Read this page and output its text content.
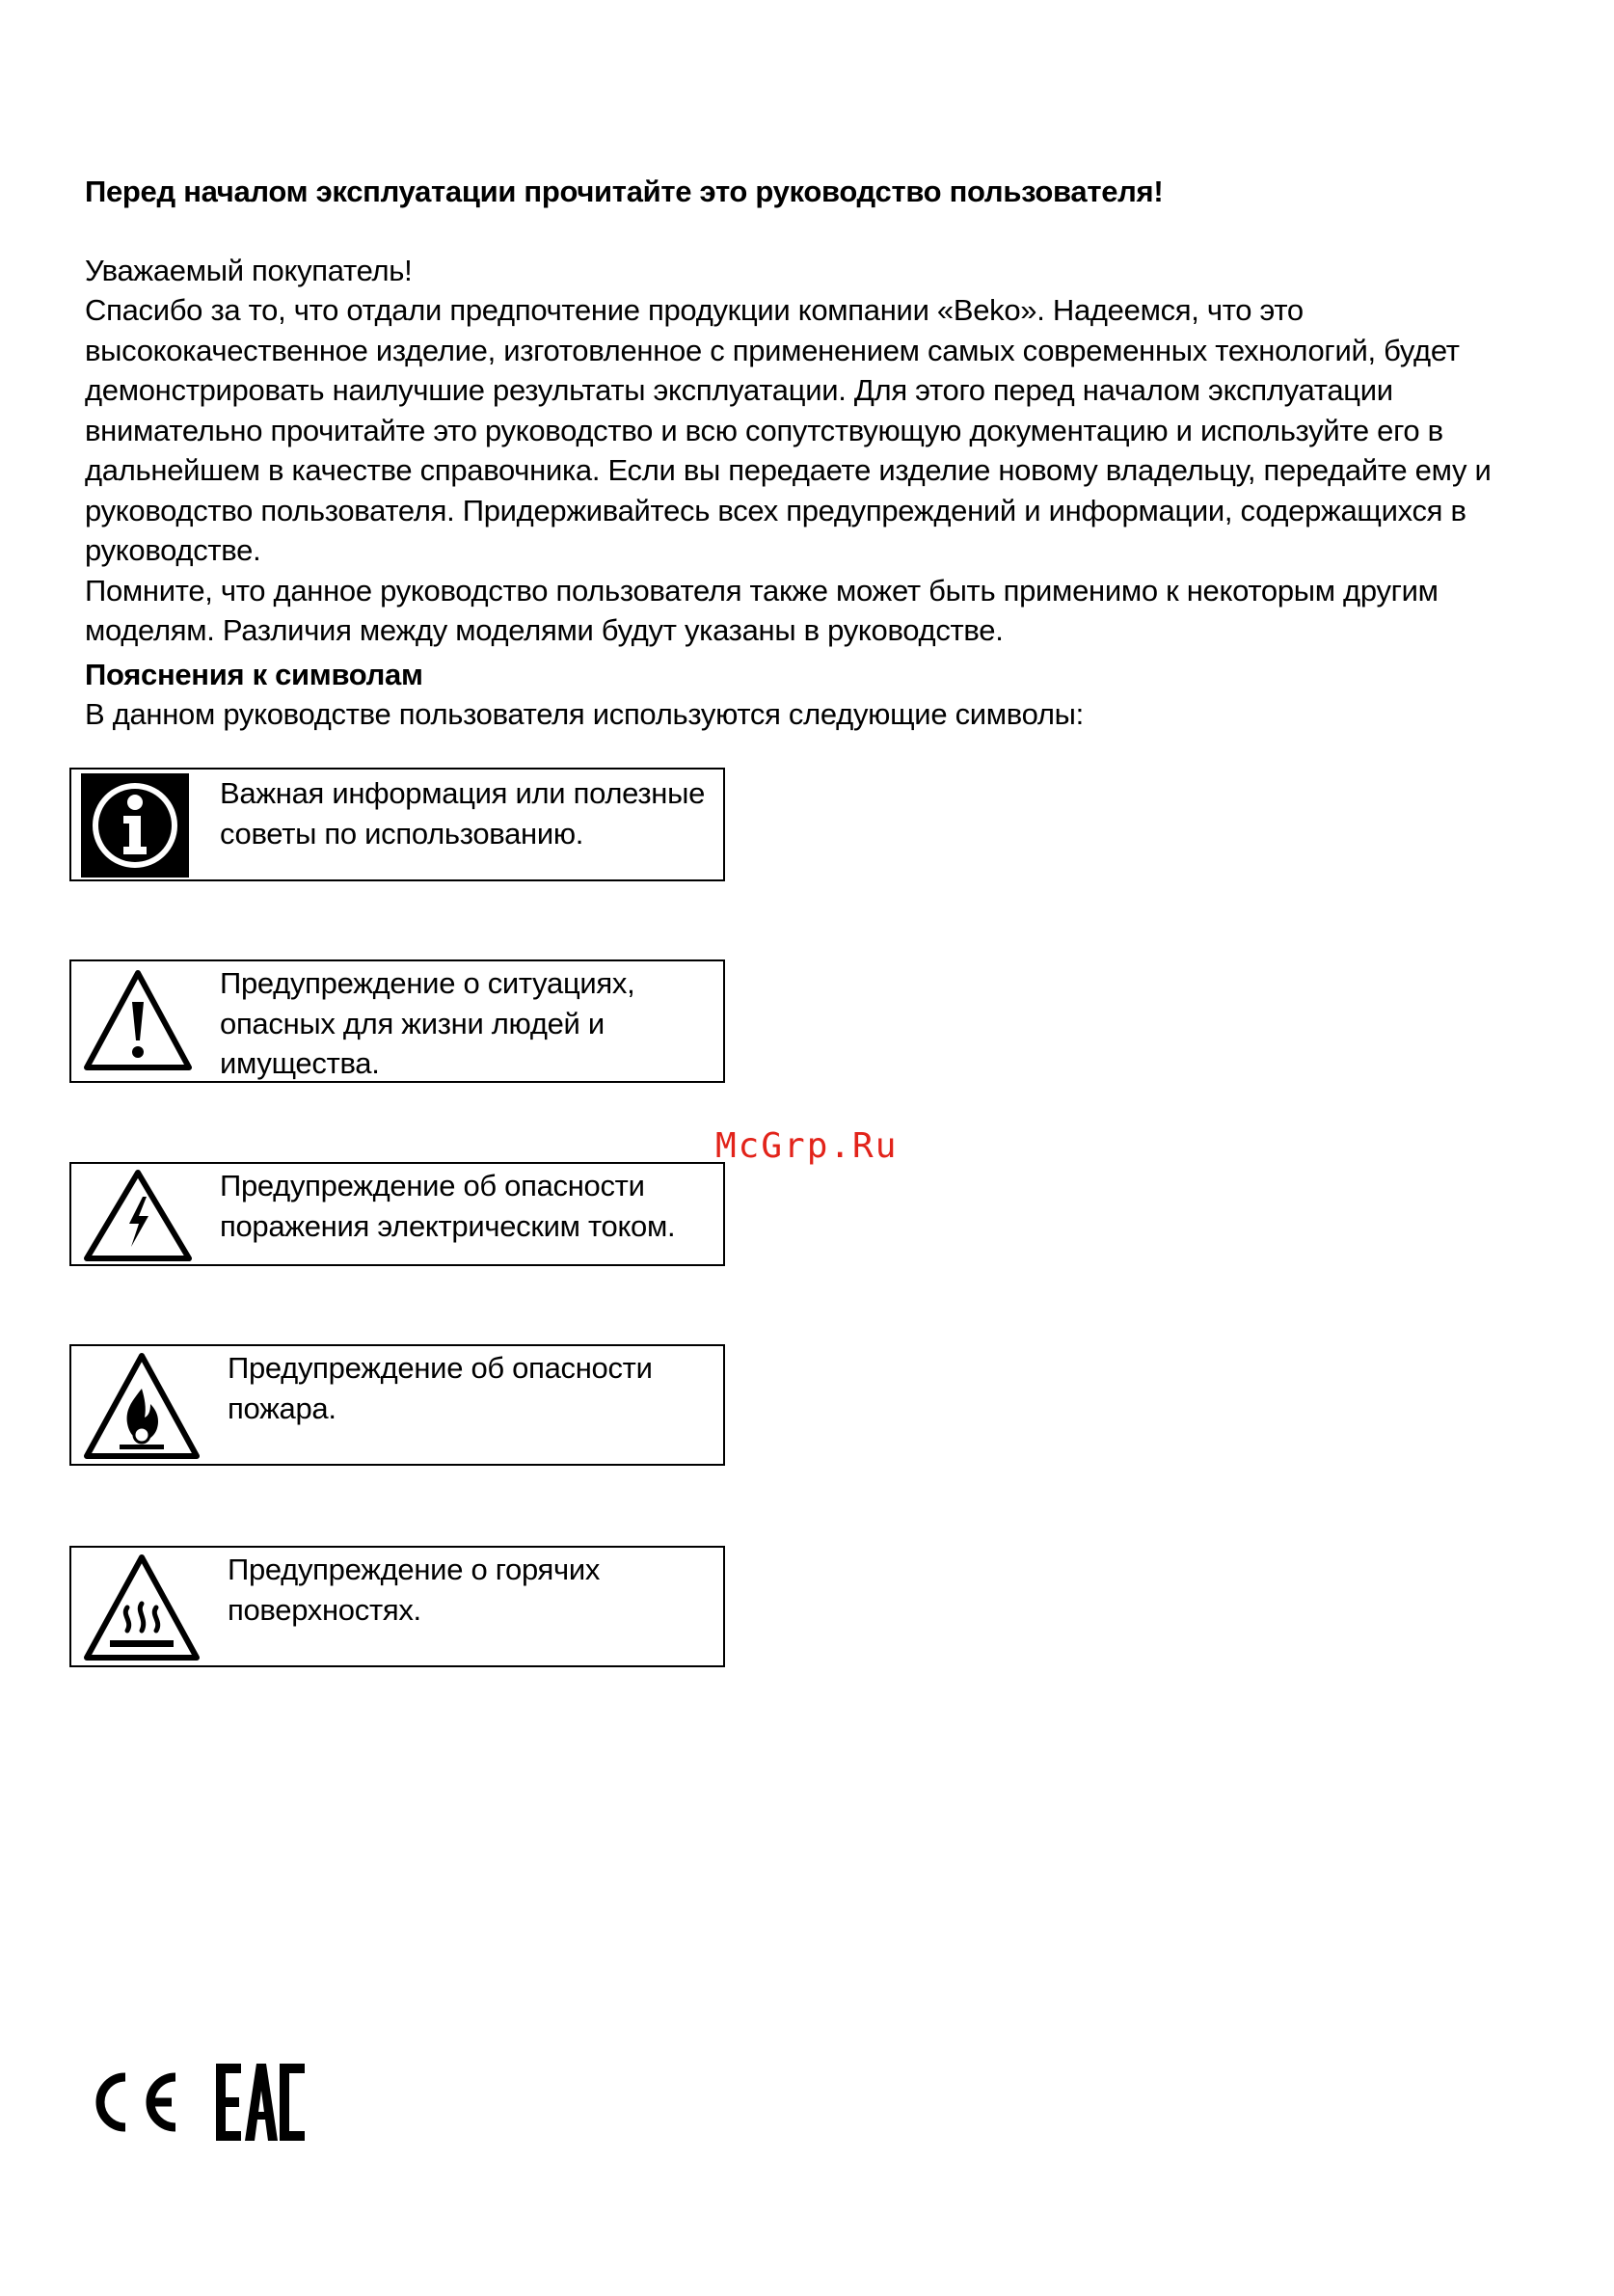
Перед началом эксплуатации прочитайте это руководство пользователя!

Уважаемый покупатель!

Спасибо за то, что отдали предпочтение продукции компании «Beko». Надеемся, что это высококачественное изделие, изготовленное с применением самых современных технологий, будет демонстрировать наилучшие результаты эксплуатации. Для этого перед началом эксплуатации внимательно прочитайте это руководство и всю сопутствующую документацию и используйте его в дальнейшем в качестве справочника. Если вы передаете изделие новому владельцу, передайте ему и руководство пользователя. Придерживайтесь всех предупреждений и информации, содержащихся в руководстве.

Помните, что данное руководство пользователя также может быть применимо к некоторым другим моделям. Различия между моделями будут указаны в руководстве.

Пояснения к символам

В данном руководстве пользователя используются следующие символы:

Важная информация или полезные
советы по использованию.
Предупреждение о ситуациях,
опасных для жизни людей и
имущества.
Предупреждение об опасности
поражения электрическим током.
Предупреждение об опасности
пожара.
Предупреждение о горячих
поверхностях.
McGrp.Ru
